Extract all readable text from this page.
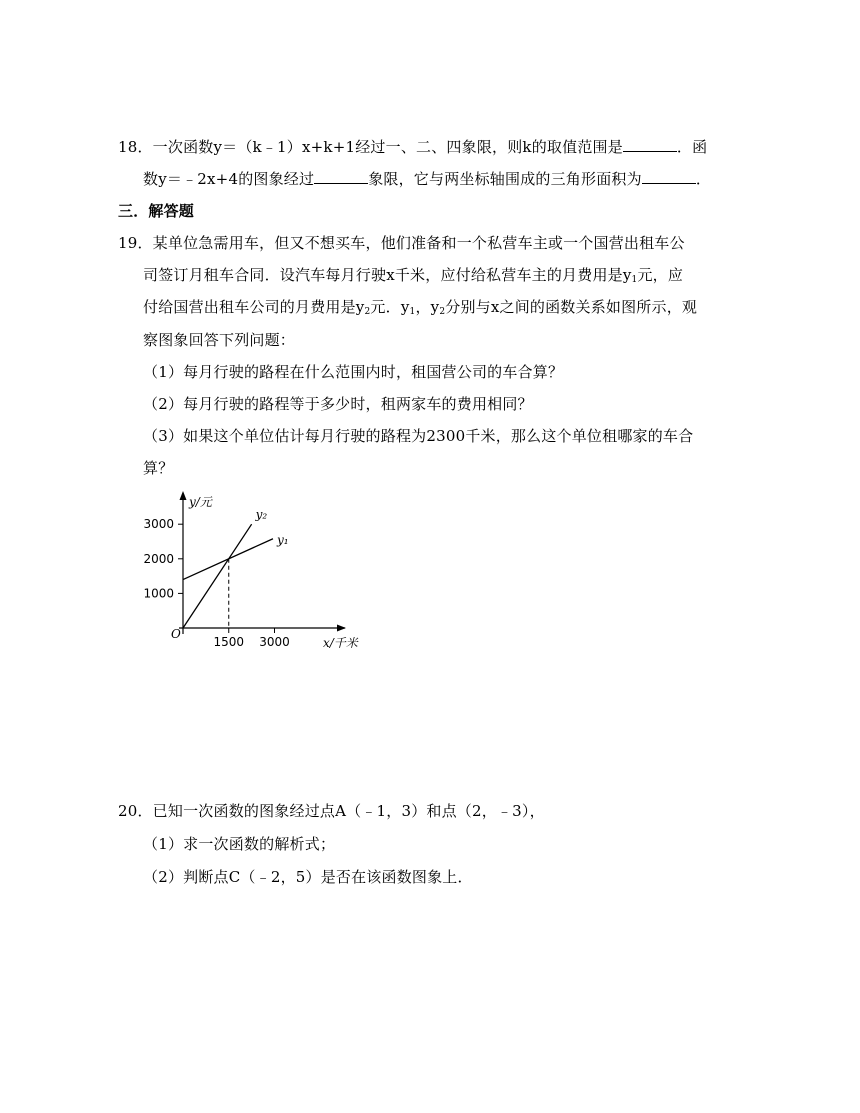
18．一次函数y＝（k﹣1）x+k+1经过一、二、四象限，则k的取值范围是	．函
数y＝﹣2x+4的图象经过	象限，它与两坐标轴围成的三角形面积为	．
三．解答题
19．某单位急需用车，但又不想买车，他们准备和一个私营车主或一个国营出租车公
司签订月租车合同．设汽车每月行驶x千米，应付给私营车主的月费用是$y_1$元，应
付给国营出租车公司的月费用是$y_2$元．$y_1$，$y_2$分别与x之间的函数关系如图所示，观
察图象回答下列问题：
（1）每月行驶的路程在什么范围内时，租国营公司的车合算？
（2）每月行驶的路程等于多少时，租两家车的费用相同？
（3）如果这个单位估计每月行驶的路程为2300千米，那么这个单位租哪家的车合
算？
1000
2000
3000
1500 3000
y₁
y₂
y/元
x/千米
O
20．已知一次函数的图象经过点A（﹣1，3）和点（2，﹣3），
（1）求一次函数的解析式；
（2）判断点C（﹣2，5）是否在该函数图象上．
